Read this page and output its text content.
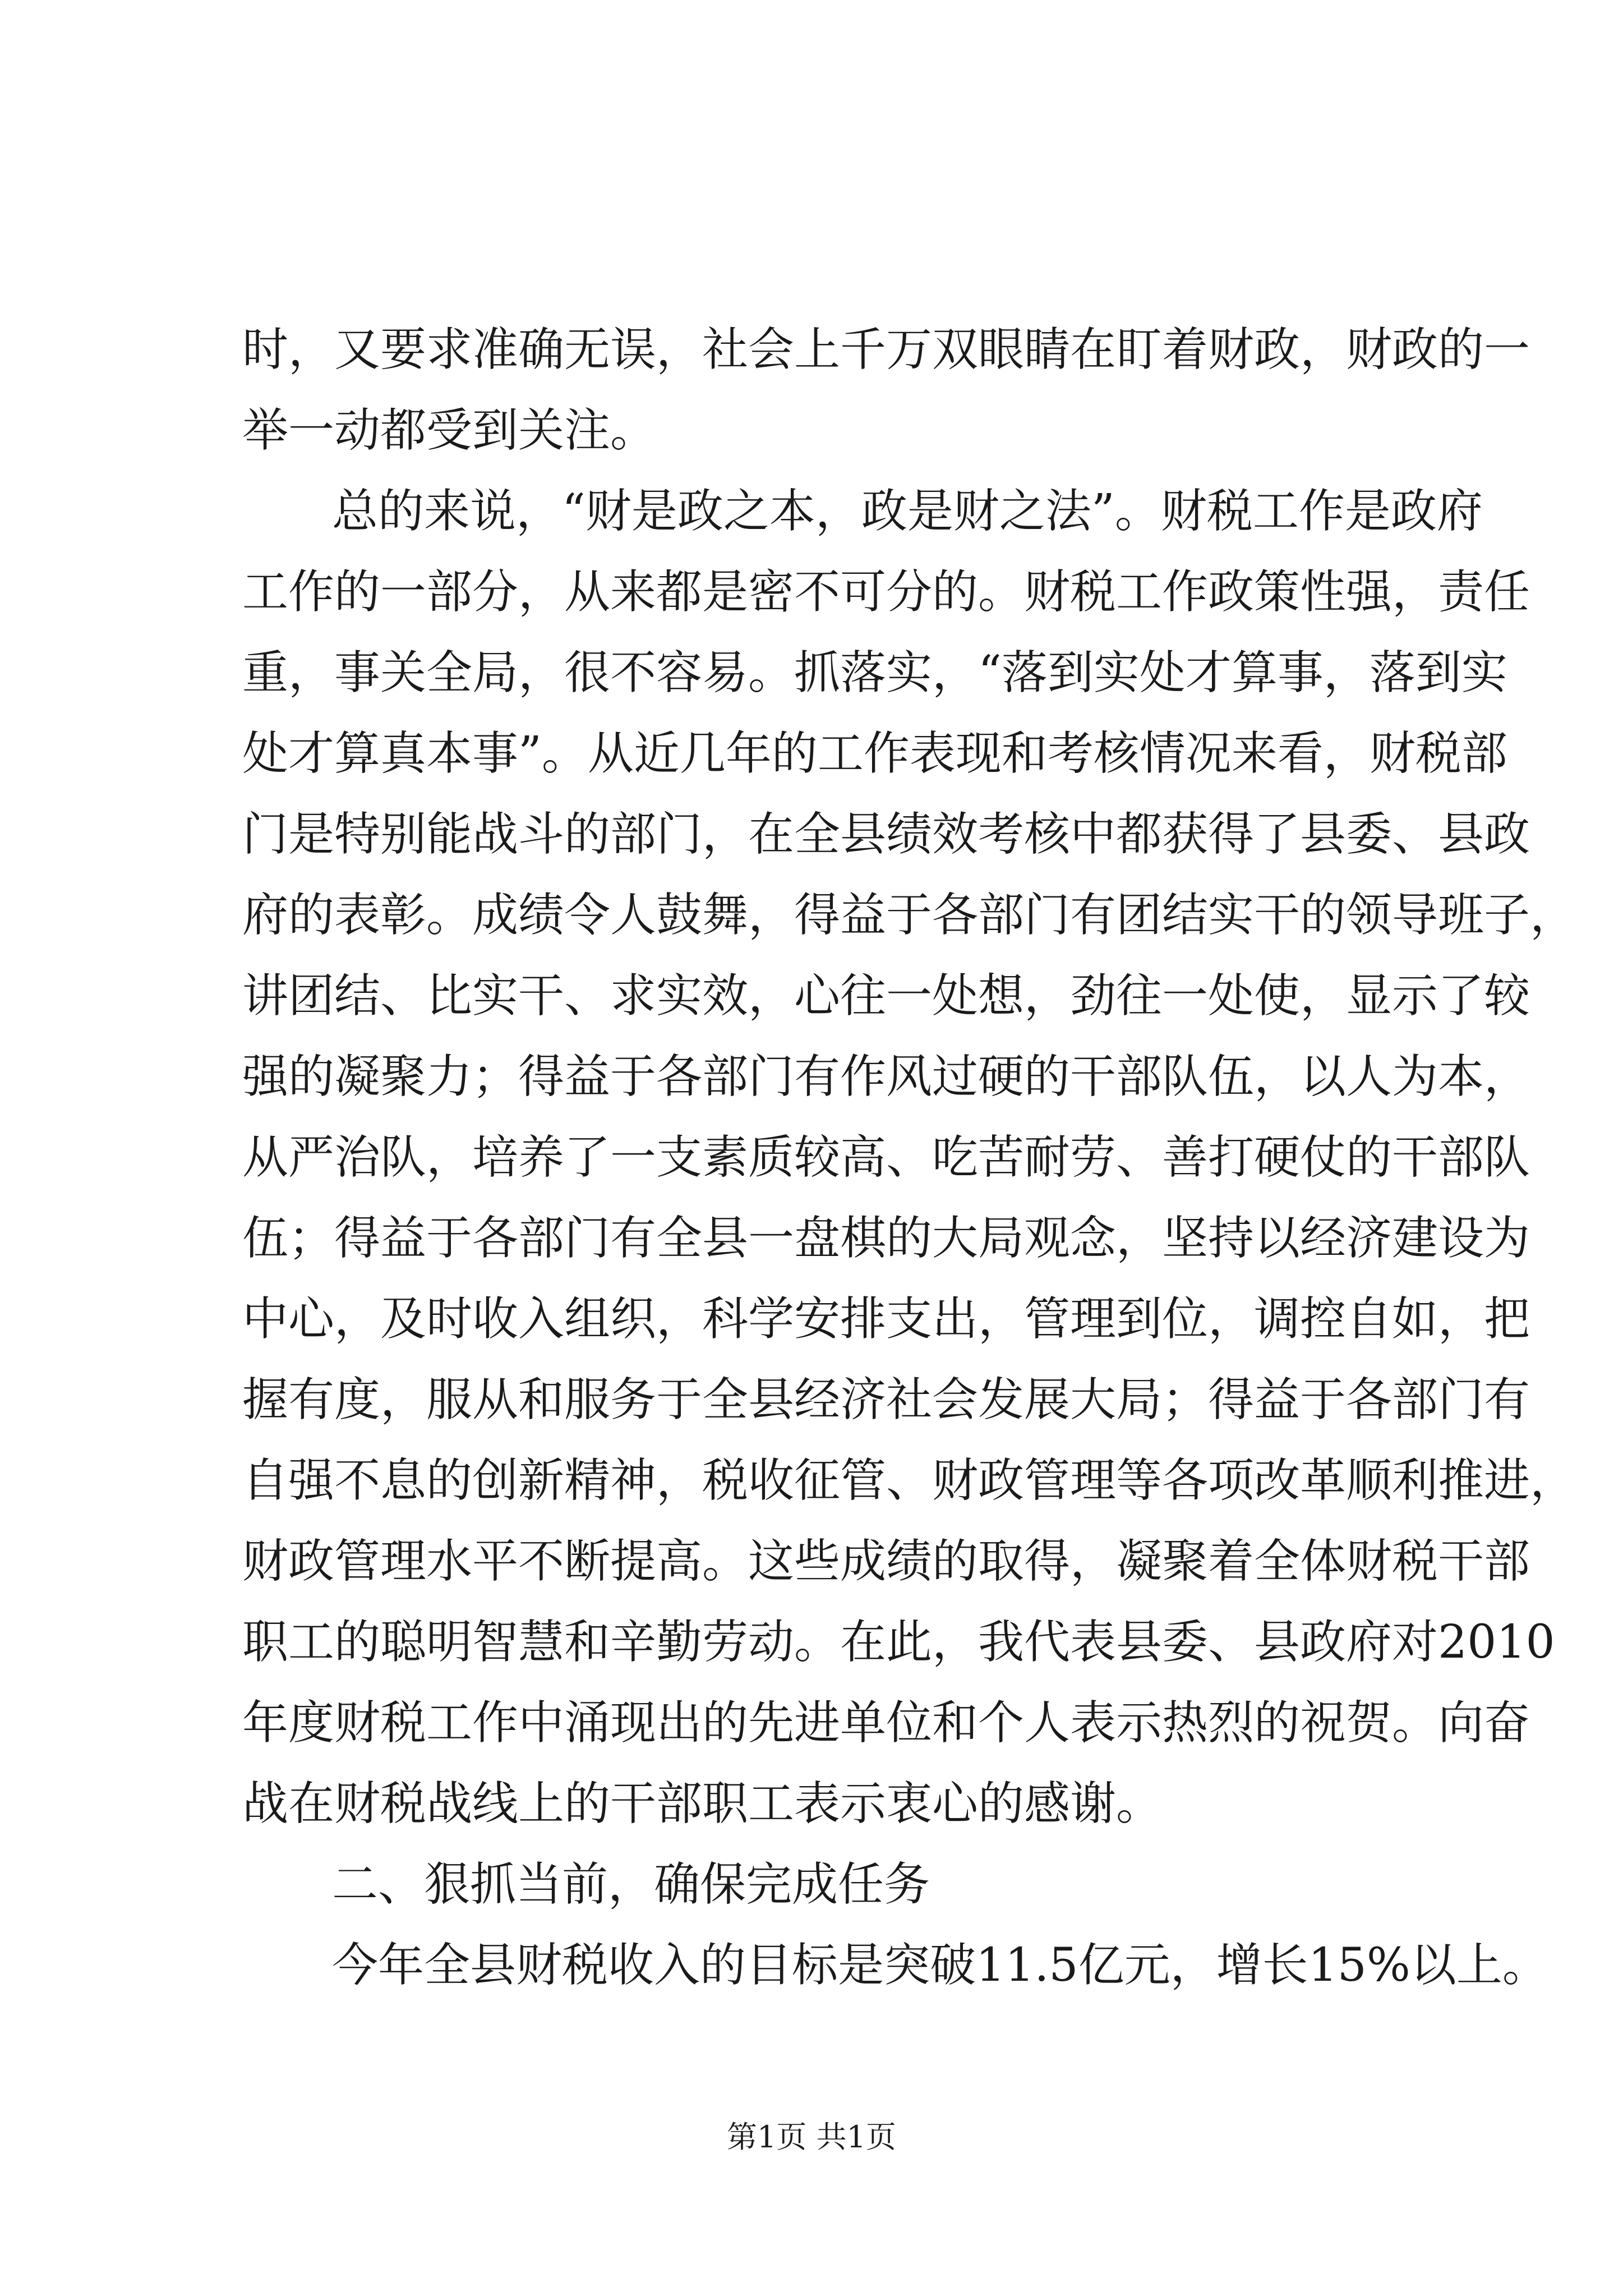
时，又要求准确无误，社会上千万双眼睛在盯着财政，财政的一
举一动都受到关注。
总的来说，“财是政之本，政是财之法”。财税工作是政府
工作的一部分，从来都是密不可分的。财税工作政策性强，责任
重，事关全局，很不容易。抓落实，“落到实处才算事，落到实
处才算真本事”。从近几年的工作表现和考核情况来看，财税部
门是特别能战斗的部门，在全县绩效考核中都获得了县委、县政
府的表彰。成绩令人鼓舞，得益于各部门有团结实干的领导班子，
讲团结、比实干、求实效，心往一处想，劲往一处使，显示了较
强的凝聚力；得益于各部门有作风过硬的干部队伍，以人为本，
从严治队，培养了一支素质较高、吃苦耐劳、善打硬仗的干部队
伍；得益于各部门有全县一盘棋的大局观念，坚持以经济建设为
中心，及时收入组织，科学安排支出，管理到位，调控自如，把
握有度，服从和服务于全县经济社会发展大局；得益于各部门有
自强不息的创新精神，税收征管、财政管理等各项改革顺利推进，
财政管理水平不断提高。这些成绩的取得，凝聚着全体财税干部
职工的聪明智慧和辛勤劳动。在此，我代表县委、县政府对2010
年度财税工作中涌现出的先进单位和个人表示热烈的祝贺。向奋
战在财税战线上的干部职工表示衷心的感谢。
二、狠抓当前，确保完成任务
今年全县财税收入的目标是突破11.5亿元，增长15%以上。
第1页 共1页
